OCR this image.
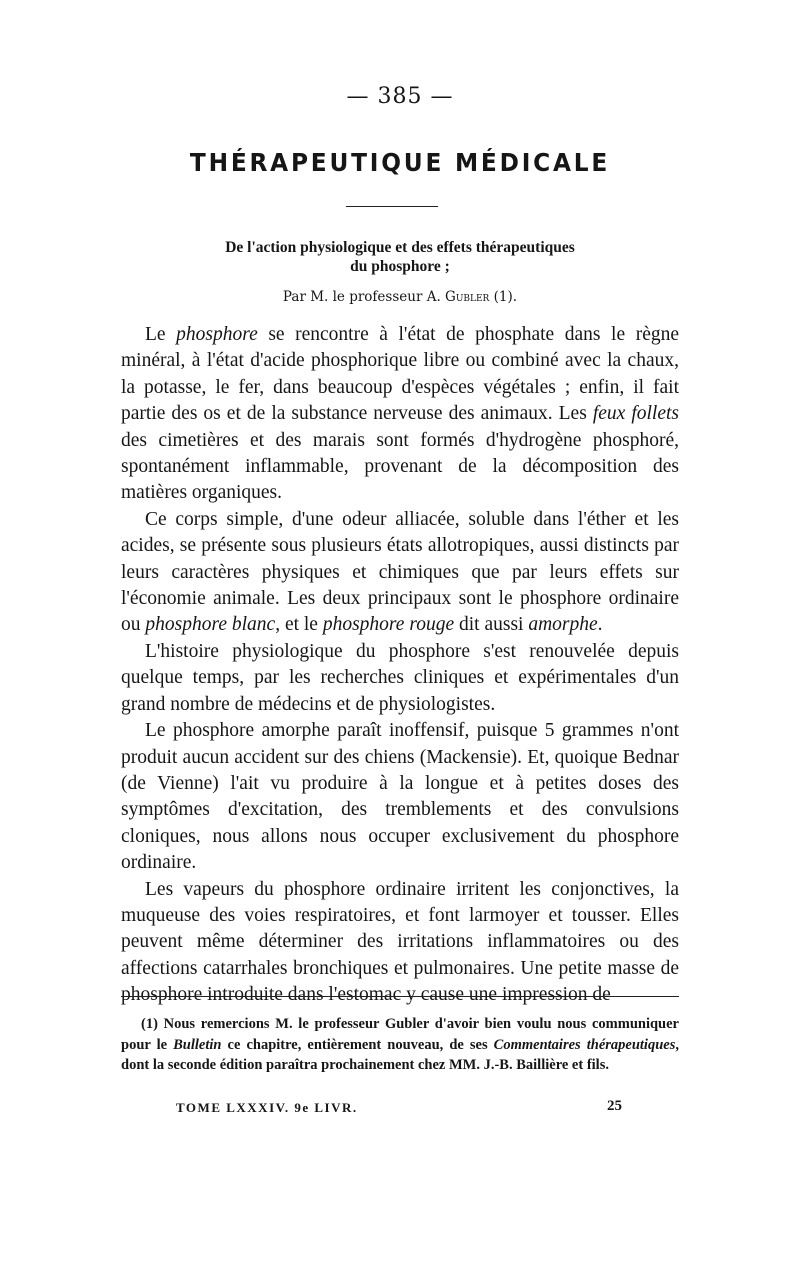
— 385 —
THÉRAPEUTIQUE MÉDICALE
De l'action physiologique et des effets thérapeutiques
du phosphore ;
Par M. le professeur A. Gubler (1).

Le phosphore se rencontre à l'état de phosphate dans le règne minéral, à l'état d'acide phosphorique libre ou combiné avec la chaux, la potasse, le fer, dans beaucoup d'espèces végétales ; enfin, il fait partie des os et de la substance nerveuse des animaux. Les feux follets des cimetières et des marais sont formés d'hydrogène phosphoré, spontanément inflammable, provenant de la décomposition des matières organiques.

Ce corps simple, d'une odeur alliacée, soluble dans l'éther et les acides, se présente sous plusieurs états allotropiques, aussi distincts par leurs caractères physiques et chimiques que par leurs effets sur l'économie animale. Les deux principaux sont le phosphore ordinaire ou phosphore blanc, et le phosphore rouge dit aussi amorphe.

L'histoire physiologique du phosphore s'est renouvelée depuis quelque temps, par les recherches cliniques et expérimentales d'un grand nombre de médecins et de physiologistes.

Le phosphore amorphe paraît inoffensif, puisque 5 grammes n'ont produit aucun accident sur des chiens (Mackensie). Et, quoique Bednar (de Vienne) l'ait vu produire à la longue et à petites doses des symptômes d'excitation, des tremblements et des convulsions cloniques, nous allons nous occuper exclusivement du phosphore ordinaire.

Les vapeurs du phosphore ordinaire irritent les conjonctives, la muqueuse des voies respiratoires, et font larmoyer et tousser. Elles peuvent même déterminer des irritations inflammatoires ou des affections catarrhales bronchiques et pulmonaires. Une petite masse de phosphore introduite dans l'estomac y cause une impression de

(1) Nous remercions M. le professeur Gubler d'avoir bien voulu nous communiquer pour le Bulletin ce chapitre, entièrement nouveau, de ses Commentaires thérapeutiques, dont la seconde édition paraîtra prochainement chez MM. J.-B. Baillière et fils.

TOME LXXXIV. 9e LIVR.	25
